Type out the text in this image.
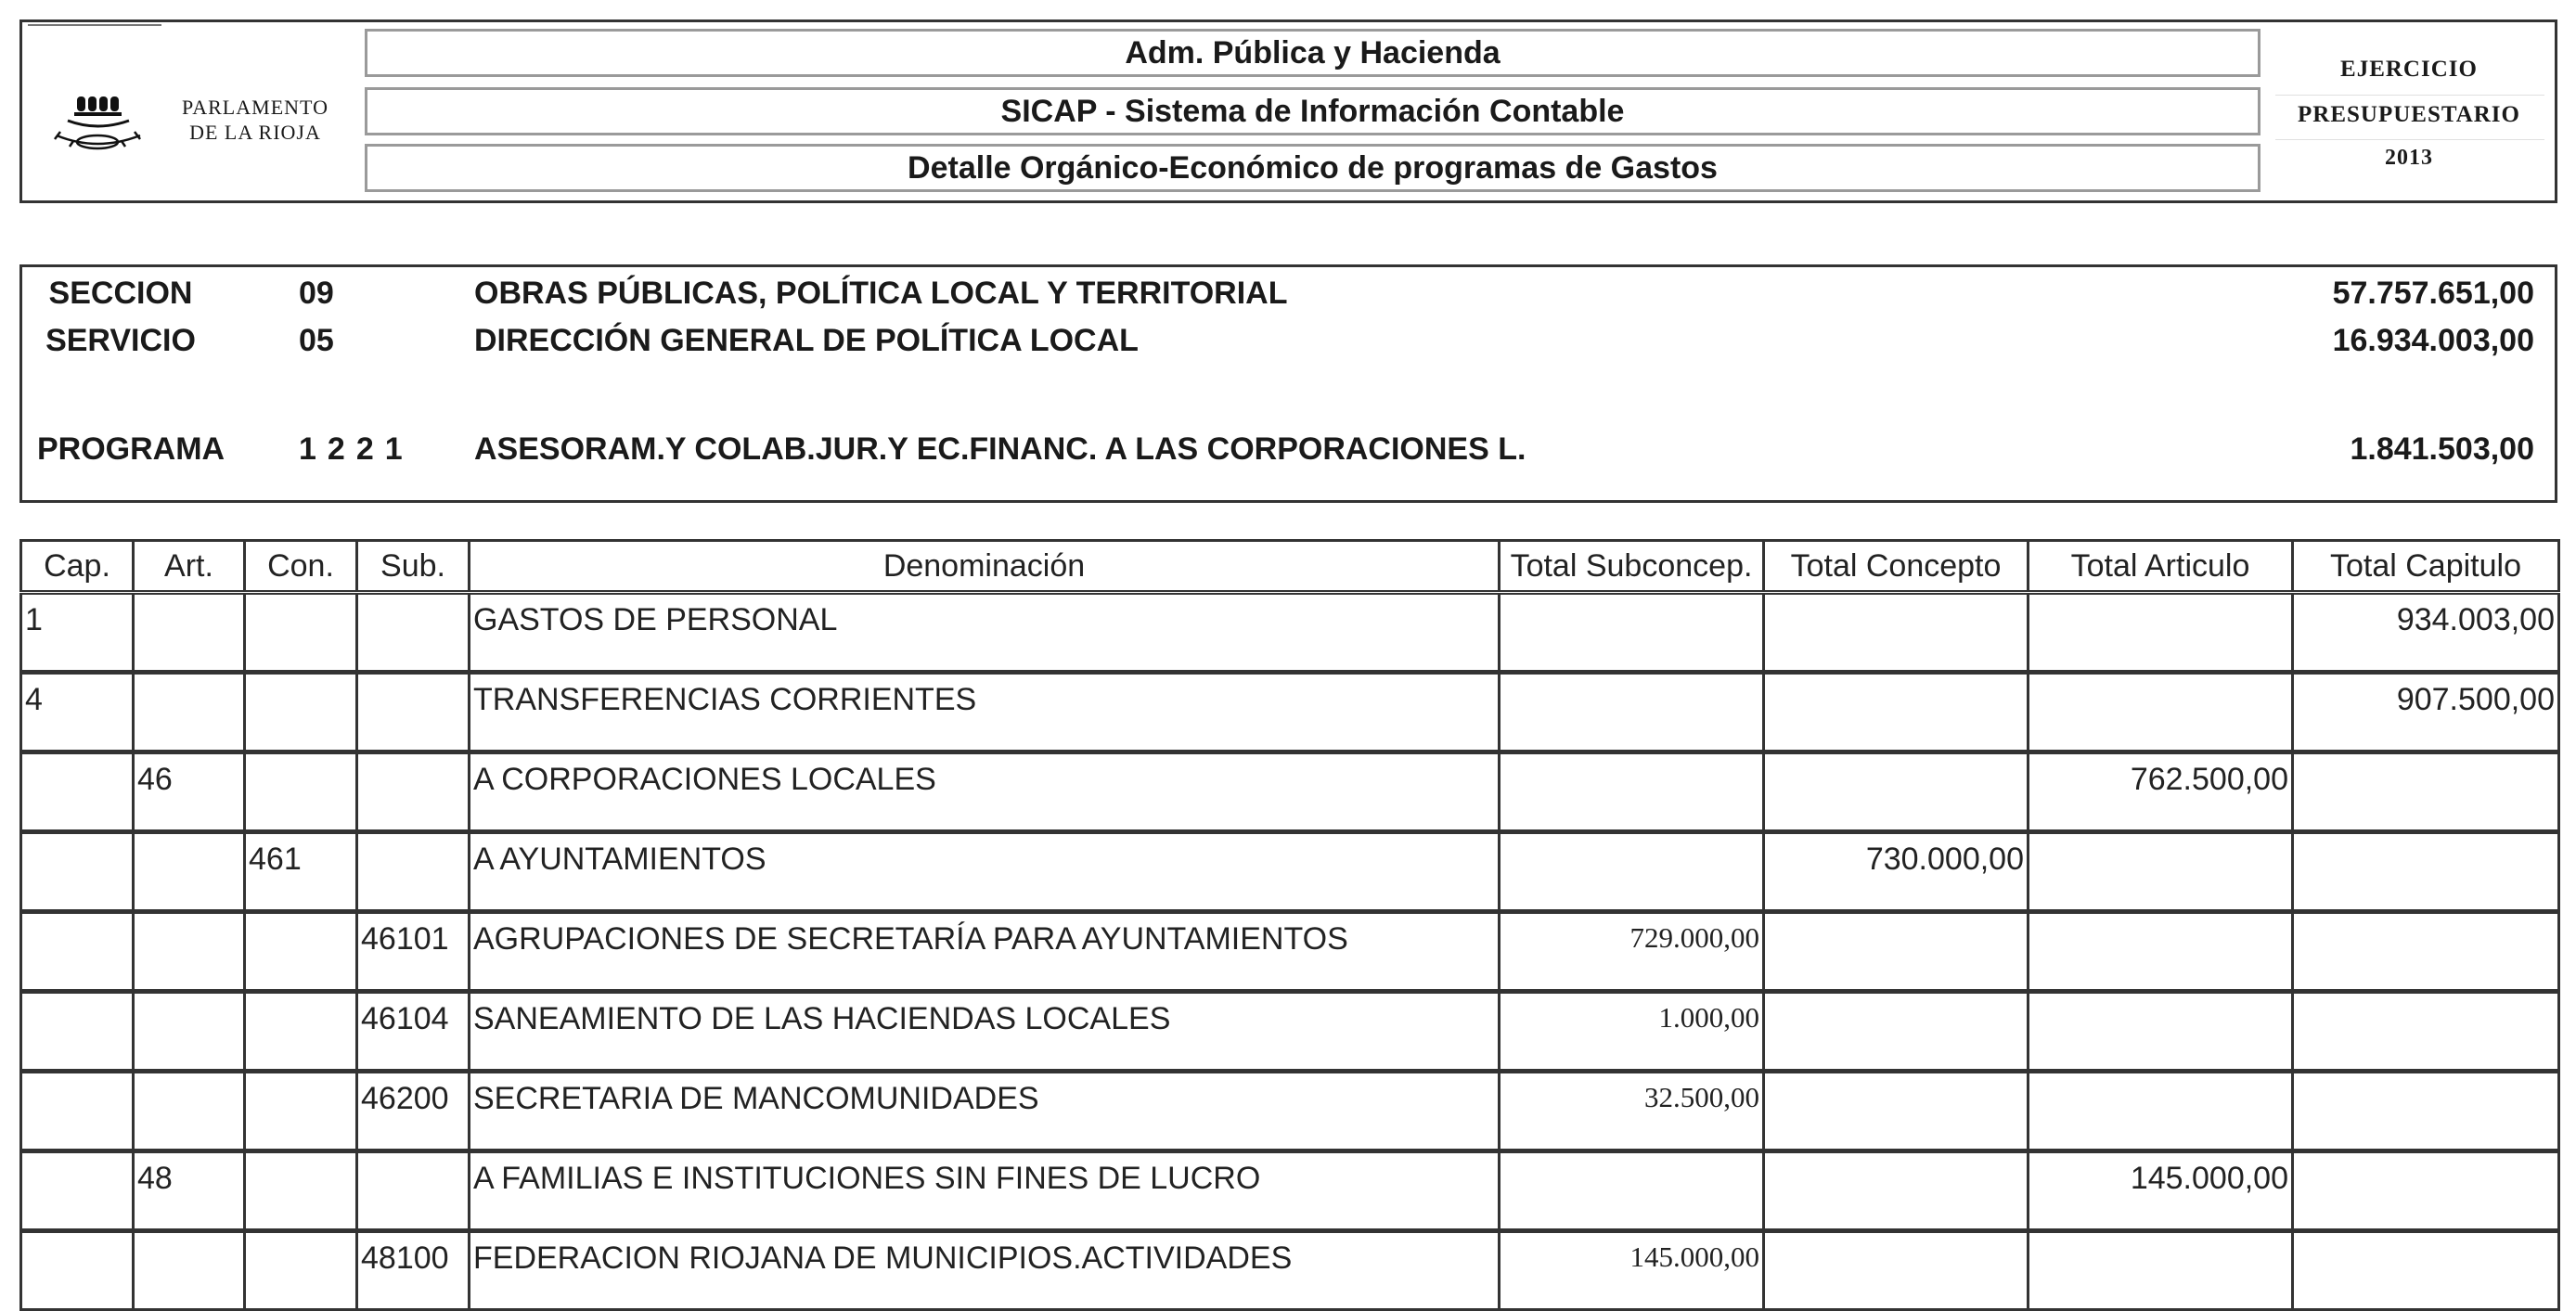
PARLAMENTO
DE LA RIOJA
Adm. Pública y Hacienda
SICAP - Sistema de Información Contable
Detalle Orgánico-Económico de programas de Gastos
EJERCICIO
PRESUPUESTARIO
2013
SECCION	09	OBRAS PÚBLICAS, POLÍTICA LOCAL Y TERRITORIAL	57.757.651,00
SERVICIO	05	DIRECCIÓN GENERAL DE POLÍTICA LOCAL	16.934.003,00
PROGRAMA 1221 ASESORAM.Y COLAB.JUR.Y EC.FINANC. A LAS CORPORACIONES L.	1.841.503,00
Cap.	Art.	Con.	Sub.	Denominación	Total Subconcep.	Total Concepto	Total Articulo	Total Capitulo
1				GASTOS DE PERSONAL				934.003,00
4				TRANSFERENCIAS CORRIENTES				907.500,00
	46			A CORPORACIONES LOCALES			762.500,00	
		461		A AYUNTAMIENTOS		730.000,00		
			46101	AGRUPACIONES DE SECRETARÍA PARA AYUNTAMIENTOS	729.000,00			
			46104	SANEAMIENTO DE LAS HACIENDAS LOCALES	1.000,00			
			46200	SECRETARIA DE MANCOMUNIDADES	32.500,00			
	48			A FAMILIAS E INSTITUCIONES SIN FINES DE LUCRO			145.000,00	
			48100	FEDERACION RIOJANA DE MUNICIPIOS.ACTIVIDADES	145.000,00			
